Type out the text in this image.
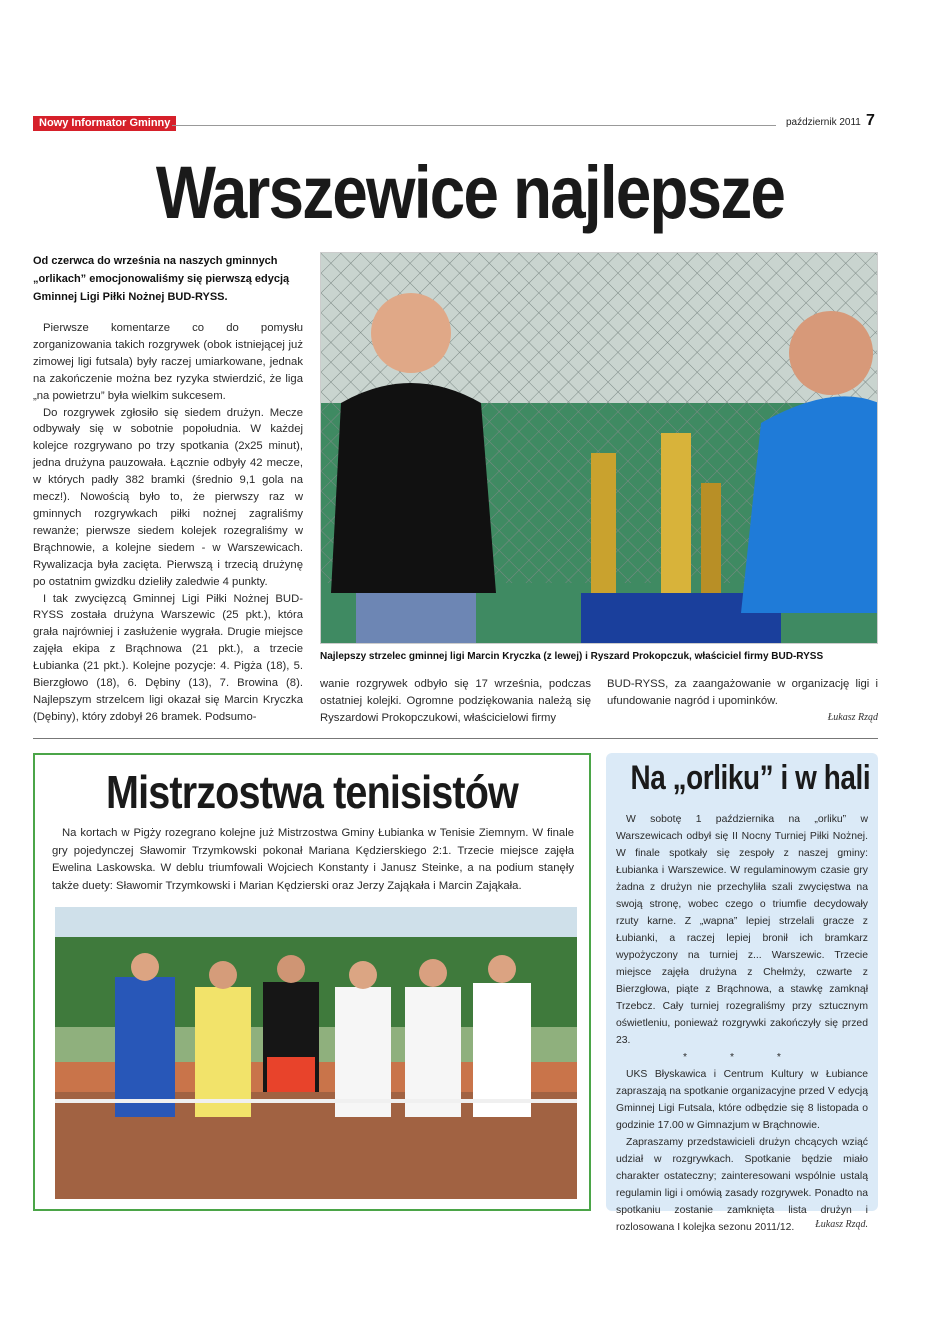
Nowy Informator Gminny	październik 2011 7
Warszewice najlepsze
Od czerwca do września na naszych gminnych „orlikach” emocjonowaliśmy się pierwszą edycją Gminnej Ligi Piłki Nożnej BUD-RYSS.

Pierwsze komentarze co do pomysłu zorganizowania takich rozgrywek (obok istniejącej już zimowej ligi futsala) były raczej umiarkowane, jednak na zakończenie można bez ryzyka stwierdzić, że liga „na powietrzu” była wielkim sukcesem.

Do rozgrywek zgłosiło się siedem drużyn. Mecze odbywały się w sobotnie popołudnia. W każdej kolejce rozgrywano po trzy spotkania (2x25 minut), jedna drużyna pauzowała. Łącznie odbyły 42 mecze, w których padły 382 bramki (średnio 9,1 gola na mecz!). Nowością było to, że pierwszy raz w gminnych rozgrywkach piłki nożnej zagraliśmy rewanże; pierwsze siedem kolejek rozegraliśmy w Brąchnowie, a kolejne siedem - w Warszewicach. Rywalizacja była zacięta. Pierwszą i trzecią drużynę po ostatnim gwizdku dzieliły zaledwie 4 punkty.

I tak zwycięzcą Gminnej Ligi Piłki Nożnej BUD-RYSS została drużyna Warszewic (25 pkt.), która grała najrówniej i zasłużenie wygrała. Drugie miejsce zajęła ekipa z Brąchnowa (21 pkt.), a trzecie Łubianka (21 pkt.). Kolejne pozycje: 4. Pigża (18), 5. Bierzgłowo (18), 6. Dębiny (13), 7. Browina (8). Najlepszym strzelcem ligi okazał się Marcin Kryczka (Dębiny), który zdobył 26 bramek. Podsumo-

Najlepszy strzelec gminnej ligi Marcin Kryczka (z lewej) i Ryszard Prokopczuk, właściciel firmy BUD-RYSS
wanie rozgrywek odbyło się 17 września, podczas ostatniej kolejki. Ogromne podziękowania należą się Ryszardowi Prokopczukowi, właścicielowi firmy
BUD-RYSS, za zaangażowanie w organizację ligi i ufundowanie nagród i upominków.
Łukasz Rząd
Mistrzostwa tenisistów
Na kortach w Pigży rozegrano kolejne już Mistrzostwa Gminy Łubianka w Tenisie Ziemnym. W finale gry pojedynczej Sławomir Trzymkowski pokonał Mariana Kędzierskiego 2:1. Trzecie miejsce zajęła Ewelina Laskowska. W deblu triumfowali Wojciech Konstanty i Janusz Steinke, a na podium stanęły także duety: Sławomir Trzymkowski i Marian Kędzierski oraz Jerzy Zająkała i Marcin Zająkała.
Na „orliku” i w hali

W sobotę 1 października na „orliku” w Warszewicach odbył się II Nocny Turniej Piłki Nożnej. W finale spotkały się zespoły z naszej gminy: Łubianka i Warszewice. W regulaminowym czasie gry żadna z drużyn nie przechyliła szali zwycięstwa na swoją stronę, wobec czego o triumfie decydowały rzuty karne. Z „wapna” lepiej strzelali gracze z Łubianki, a raczej lepiej bronił ich bramkarz wypożyczony na turniej z... Warszewic. Trzecie miejsce zajęła drużyna z Chełmży, czwarte z Bierzgłowa, piąte z Brąchnowa, a stawkę zamknął Trzebcz. Cały turniej rozegraliśmy przy sztucznym oświetleniu, ponieważ rozgrywki zakończyły się przed 23.

* * *

UKS Błyskawica i Centrum Kultury w Łubiance zapraszają na spotkanie organizacyjne przed V edycją Gminnej Ligi Futsala, które odbędzie się 8 listopada o godzinie 17.00 w Gimnazjum w Brąchnowie.

Zapraszamy przedstawicieli drużyn chcących wziąć udział w rozgrywkach. Spotkanie będzie miało charakter ostateczny; zainteresowani wspólnie ustalą regulamin ligi i omówią zasady rozgrywek. Ponadto na spotkaniu zostanie zamknięta lista drużyn i rozlosowana I kolejka sezonu 2011/12.	Łukasz Rząd.
